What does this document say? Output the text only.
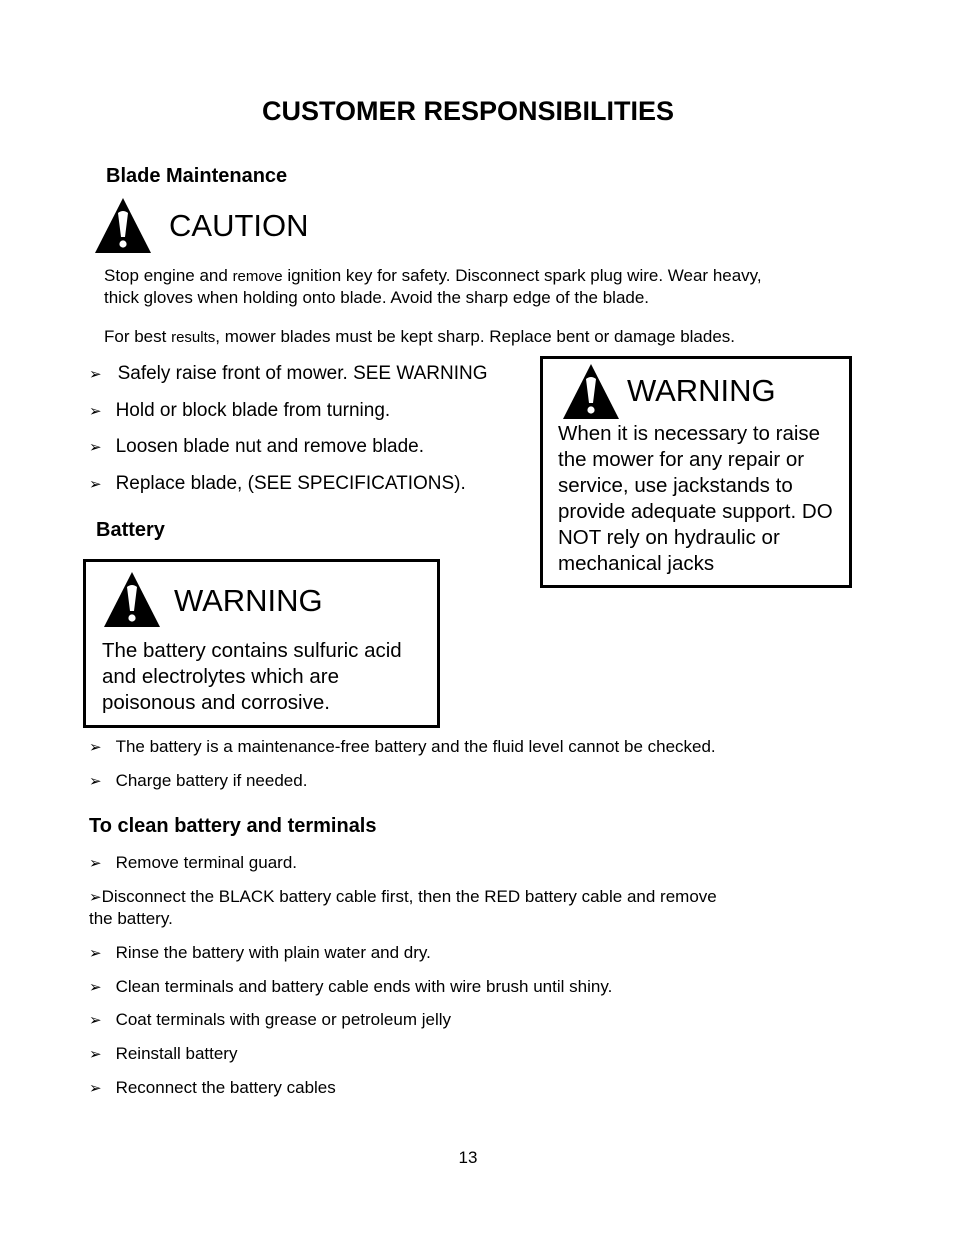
CUSTOMER RESPONSIBILITIES
Blade Maintenance
CAUTION
Stop engine and remove ignition key for safety. Disconnect spark plug wire. Wear heavy,
thick gloves when holding onto blade. Avoid the sharp edge of the blade.
For best results, mower blades must be kept sharp. Replace bent or damage blades.
➢ Safely raise front of mower. SEE WARNING
➢ Hold or block blade from turning.
➢ Loosen blade nut and remove blade.
➢ Replace blade, (SEE SPECIFICATIONS).
WARNING
When it is necessary to raise the mower for any repair or service, use jackstands to provide adequate support. DO NOT rely on hydraulic or mechanical jacks
Battery
WARNING
The battery contains sulfuric acid and electrolytes which are poisonous and corrosive.
➢ The battery is a maintenance-free battery and the fluid level cannot be checked.
➢ Charge battery if needed.
To clean battery and terminals
➢ Remove terminal guard.
➢Disconnect the BLACK battery cable first, then the RED battery cable and remove
the battery.
➢ Rinse the battery with plain water and dry.
➢ Clean terminals and battery cable ends with wire brush until shiny.
➢ Coat terminals with grease or petroleum jelly
➢ Reinstall battery
➢ Reconnect the battery cables
13
